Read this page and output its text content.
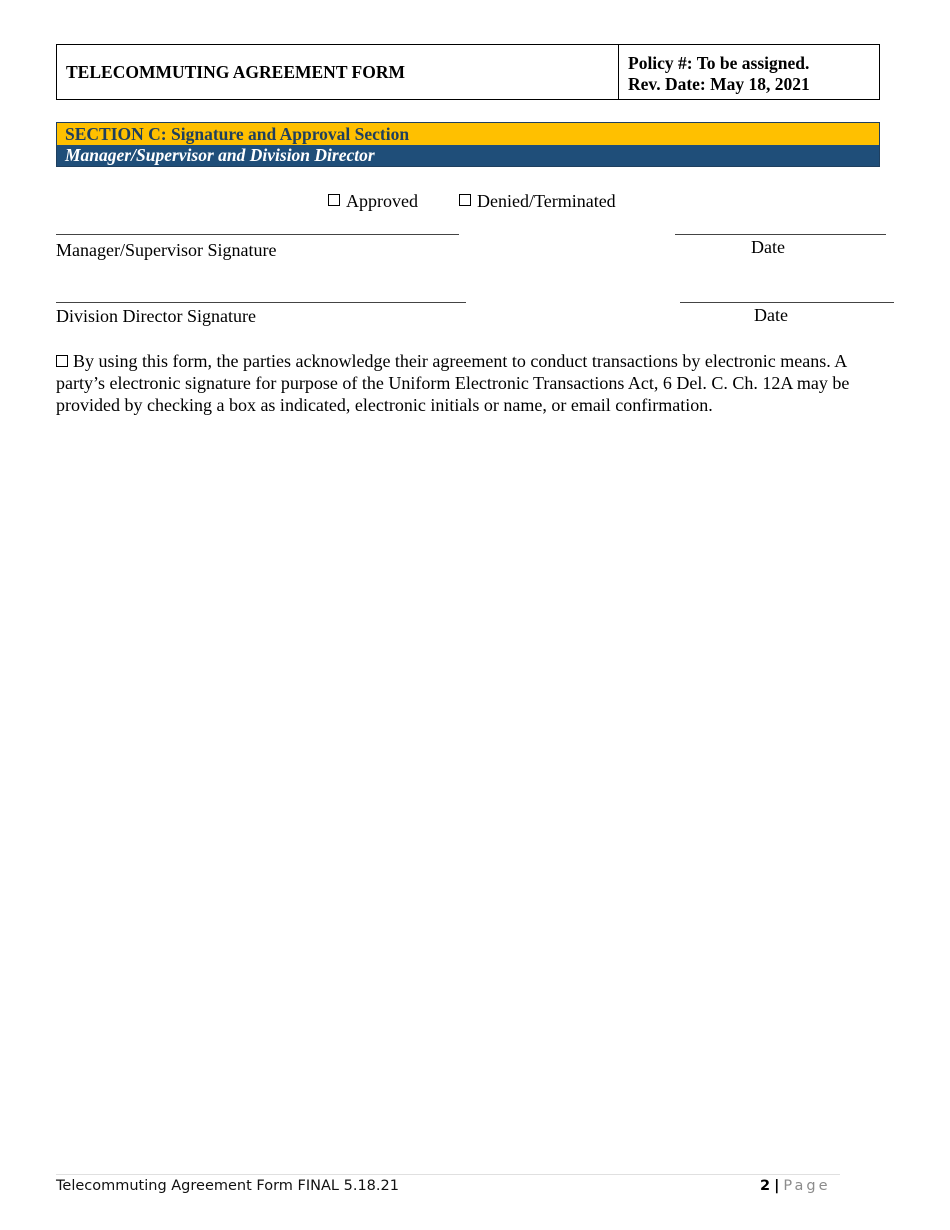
TELECOMMUTING AGREEMENT FORM	Policy #: To be assigned.
Rev. Date: May 18, 2021
SECTION C: Signature and Approval Section
Manager/Supervisor and Division Director
Approved	Denied/Terminated
Manager/Supervisor Signature	Date
Division Director Signature	Date
By using this form, the parties acknowledge their agreement to conduct transactions by electronic means. A party’s electronic signature for purpose of the Uniform Electronic Transactions Act, 6 Del. C. Ch. 12A may be provided by checking a box as indicated, electronic initials or name, or email confirmation.
Telecommuting Agreement Form FINAL 5.18.21	2 | Page
